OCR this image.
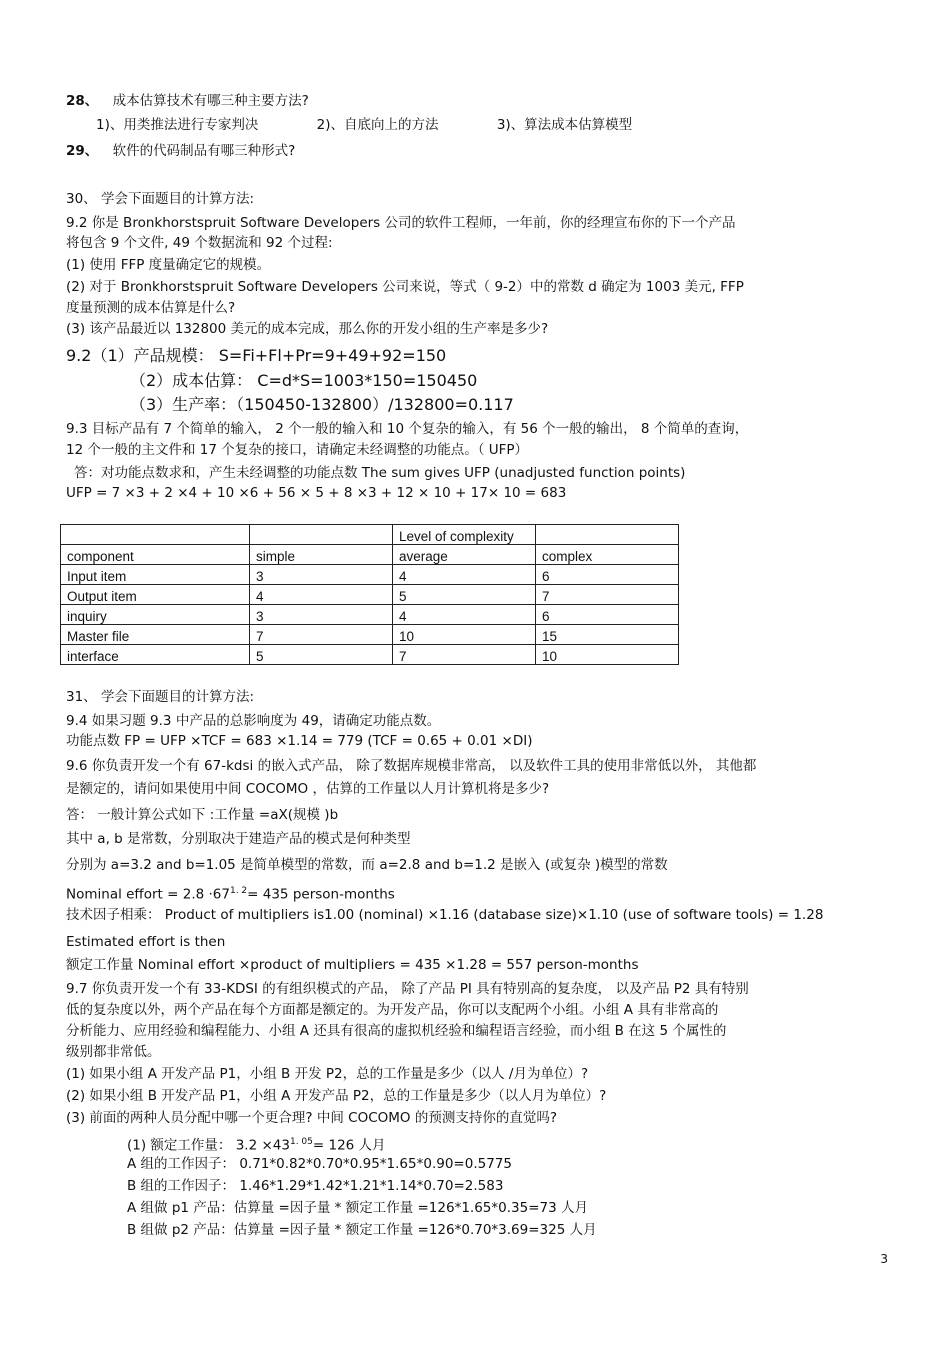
28、 成本估算技术有哪三种主要方法?
1)、用类推法进行专家判决	2)、自底向上的方法	3)、算法成本估算模型
29、 软件的代码制品有哪三种形式?
30、 学会下面题目的计算方法:
9.2 你是 Bronkhorstspruit Software Developers 公司的软件工程师，一年前，你的经理宣布你的下一个产品
将包含 9 个文件, 49 个数据流和 92 个过程:
(1) 使用 FFP 度量确定它的规模。
(2) 对于 Bronkhorstspruit Software Developers 公司来说，等式（ 9-2）中的常数 d 确定为 1003 美元, FFP
度量预测的成本估算是什么?
(3) 该产品最近以 132800 美元的成本完成，那么你的开发小组的生产率是多少?
9.2（1）产品规模： S=Fi+Fl+Pr=9+49+92=150
（2）成本估算： C=d*S=1003*150=150450
（3）生产率：（150450-132800）/132800=0.117
9.3 目标产品有 7 个简单的输入， 2 个一般的输入和 10 个复杂的输入，有 56 个一般的输出， 8 个简单的查询，
12 个一般的主文件和 17 个复杂的接口，请确定未经调整的功能点。（ UFP）
答：对功能点数求和，产生未经调整的功能点数 The sum gives UFP (unadjusted function points)
UFP = 7 ×3 + 2 ×4 + 10 ×6 + 56 × 5 + 8 ×3 + 12 × 10 + 17× 10 = 683
		Level of complexity	
component	simple	average	complex
Input item	3	4	6
Output item	4	5	7
inquiry	3	4	6
Master file	7	10	15
interface	5	7	10
31、 学会下面题目的计算方法:
9.4 如果习题 9.3 中产品的总影响度为 49，请确定功能点数。
功能点数 FP = UFP ×TCF = 683 ×1.14 = 779 (TCF = 0.65 + 0.01 ×DI)
9.6 你负责开发一个有 67-kdsi 的嵌入式产品， 除了数据库规模非常高， 以及软件工具的使用非常低以外， 其他都
是额定的，请问如果使用中间 COCOMO ，估算的工作量以人月计算机将是多少?
答： 一般计算公式如下 :工作量 =aX(规模 )b
其中 a, b 是常数，分别取决于建造产品的模式是何种类型
分别为 a=3.2 and b=1.05 是简单模型的常数，而 a=2.8 and b=1.2 是嵌入 (或复杂 )模型的常数
Nominal effort = $2.8 \cdot 67^{1. 2}= 435$ person-months
技术因子相乘： Product of multipliers is1.00 (nominal) ×1.16 (database size)×1.10 (use of software tools) = 1.28
Estimated effort is then
额定工作量 Nominal effort ×product of multipliers = 435 ×1.28 = 557 person-months
9.7 你负责开发一个有 33-KDSI 的有组织模式的产品， 除了产品 PI 具有特别高的复杂度， 以及产品 P2 具有特别
低的复杂度以外，两个产品在每个方面都是额定的。为开发产品，你可以支配两个小组。小组 A 具有非常高的
分析能力、应用经验和编程能力、小组 A 还具有很高的虚拟机经验和编程语言经验，而小组 B 在这 5 个属性的
级别都非常低。
(1) 如果小组 A 开发产品 P1，小组 B 开发 P2，总的工作量是多少（以人 /月为单位）?
(2) 如果小组 B 开发产品 P1，小组 A 开发产品 P2，总的工作量是多少（以人月为单位）?
(3) 前面的两种人员分配中哪一个更合理? 中间 COCOMO 的预测支持你的直觉吗?
(1) 额定工作量： $3.2 \times 43^{1. 05}= 126$ 人月
A 组的工作因子： 0.71*0.82*0.70*0.95*1.65*0.90=0.5775
B 组的工作因子： 1.46*1.29*1.42*1.21*1.14*0.70=2.583
A 组做 p1 产品：估算量 =因子量 * 额定工作量 =126*1.65*0.35=73 人月
B 组做 p2 产品：估算量 =因子量 * 额定工作量 =126*0.70*3.69=325 人月
3
